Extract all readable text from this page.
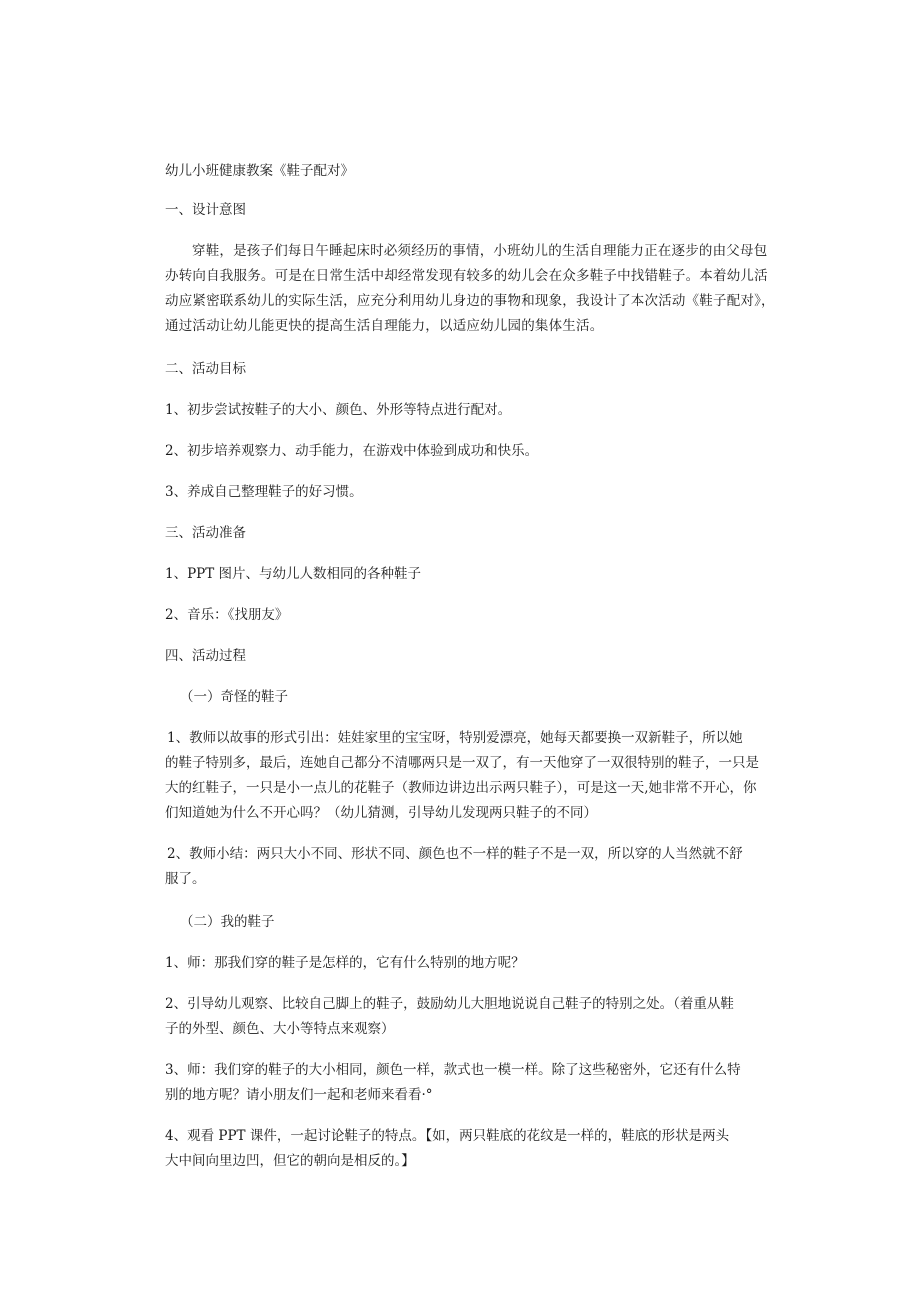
幼儿小班健康教案《鞋子配对》

一、设计意图

穿鞋，是孩子们每日午睡起床时必须经历的事情，小班幼儿的生活自理能力正在逐步的由父母包

办转向自我服务。可是在日常生活中却经常发现有较多的幼儿会在众多鞋子中找错鞋子。本着幼儿活

动应紧密联系幼儿的实际生活，应充分利用幼儿身边的事物和现象，我设计了本次活动《鞋子配对》，

通过活动让幼儿能更快的提高生活自理能力，以适应幼儿园的集体生活。

二、活动目标

1、初步尝试按鞋子的大小、颜色、外形等特点进行配对。

2、初步培养观察力、动手能力，在游戏中体验到成功和快乐。

3、养成自己整理鞋子的好习惯。

三、活动准备

1、PPT 图片、与幼儿人数相同的各种鞋子

2、音乐：《找朋友》

四、活动过程

（一）奇怪的鞋子

1、教师以故事的形式引出：娃娃家里的宝宝呀，特别爱漂亮，她每天都要换一双新鞋子，所以她

的鞋子特别多，最后，连她自己都分不清哪两只是一双了，有一天他穿了一双很特别的鞋子，一只是

大的红鞋子，一只是小一点儿的花鞋子（教师边讲边出示两只鞋子），可是这一天,她非常不开心，你

们知道她为什么不开心吗？（幼儿猜测，引导幼儿发现两只鞋子的不同）

2、教师小结：两只大小不同、形状不同、颜色也不一样的鞋子不是一双，所以穿的人当然就不舒

服了。

（二）我的鞋子

1、师：那我们穿的鞋子是怎样的，它有什么特别的地方呢？

2、引导幼儿观察、比较自己脚上的鞋子，鼓励幼儿大胆地说说自己鞋子的特别之处。（着重从鞋

子的外型、颜色、大小等特点来观察）

3、师：我们穿的鞋子的大小相同，颜色一样，款式也一模一样。除了这些秘密外，它还有什么特

别的地方呢？请小朋友们一起和老师来看看·°

4、观看 PPT 课件，一起讨论鞋子的特点。【如，两只鞋底的花纹是一样的，鞋底的形状是两头

大中间向里边凹，但它的朝向是相反的。】
